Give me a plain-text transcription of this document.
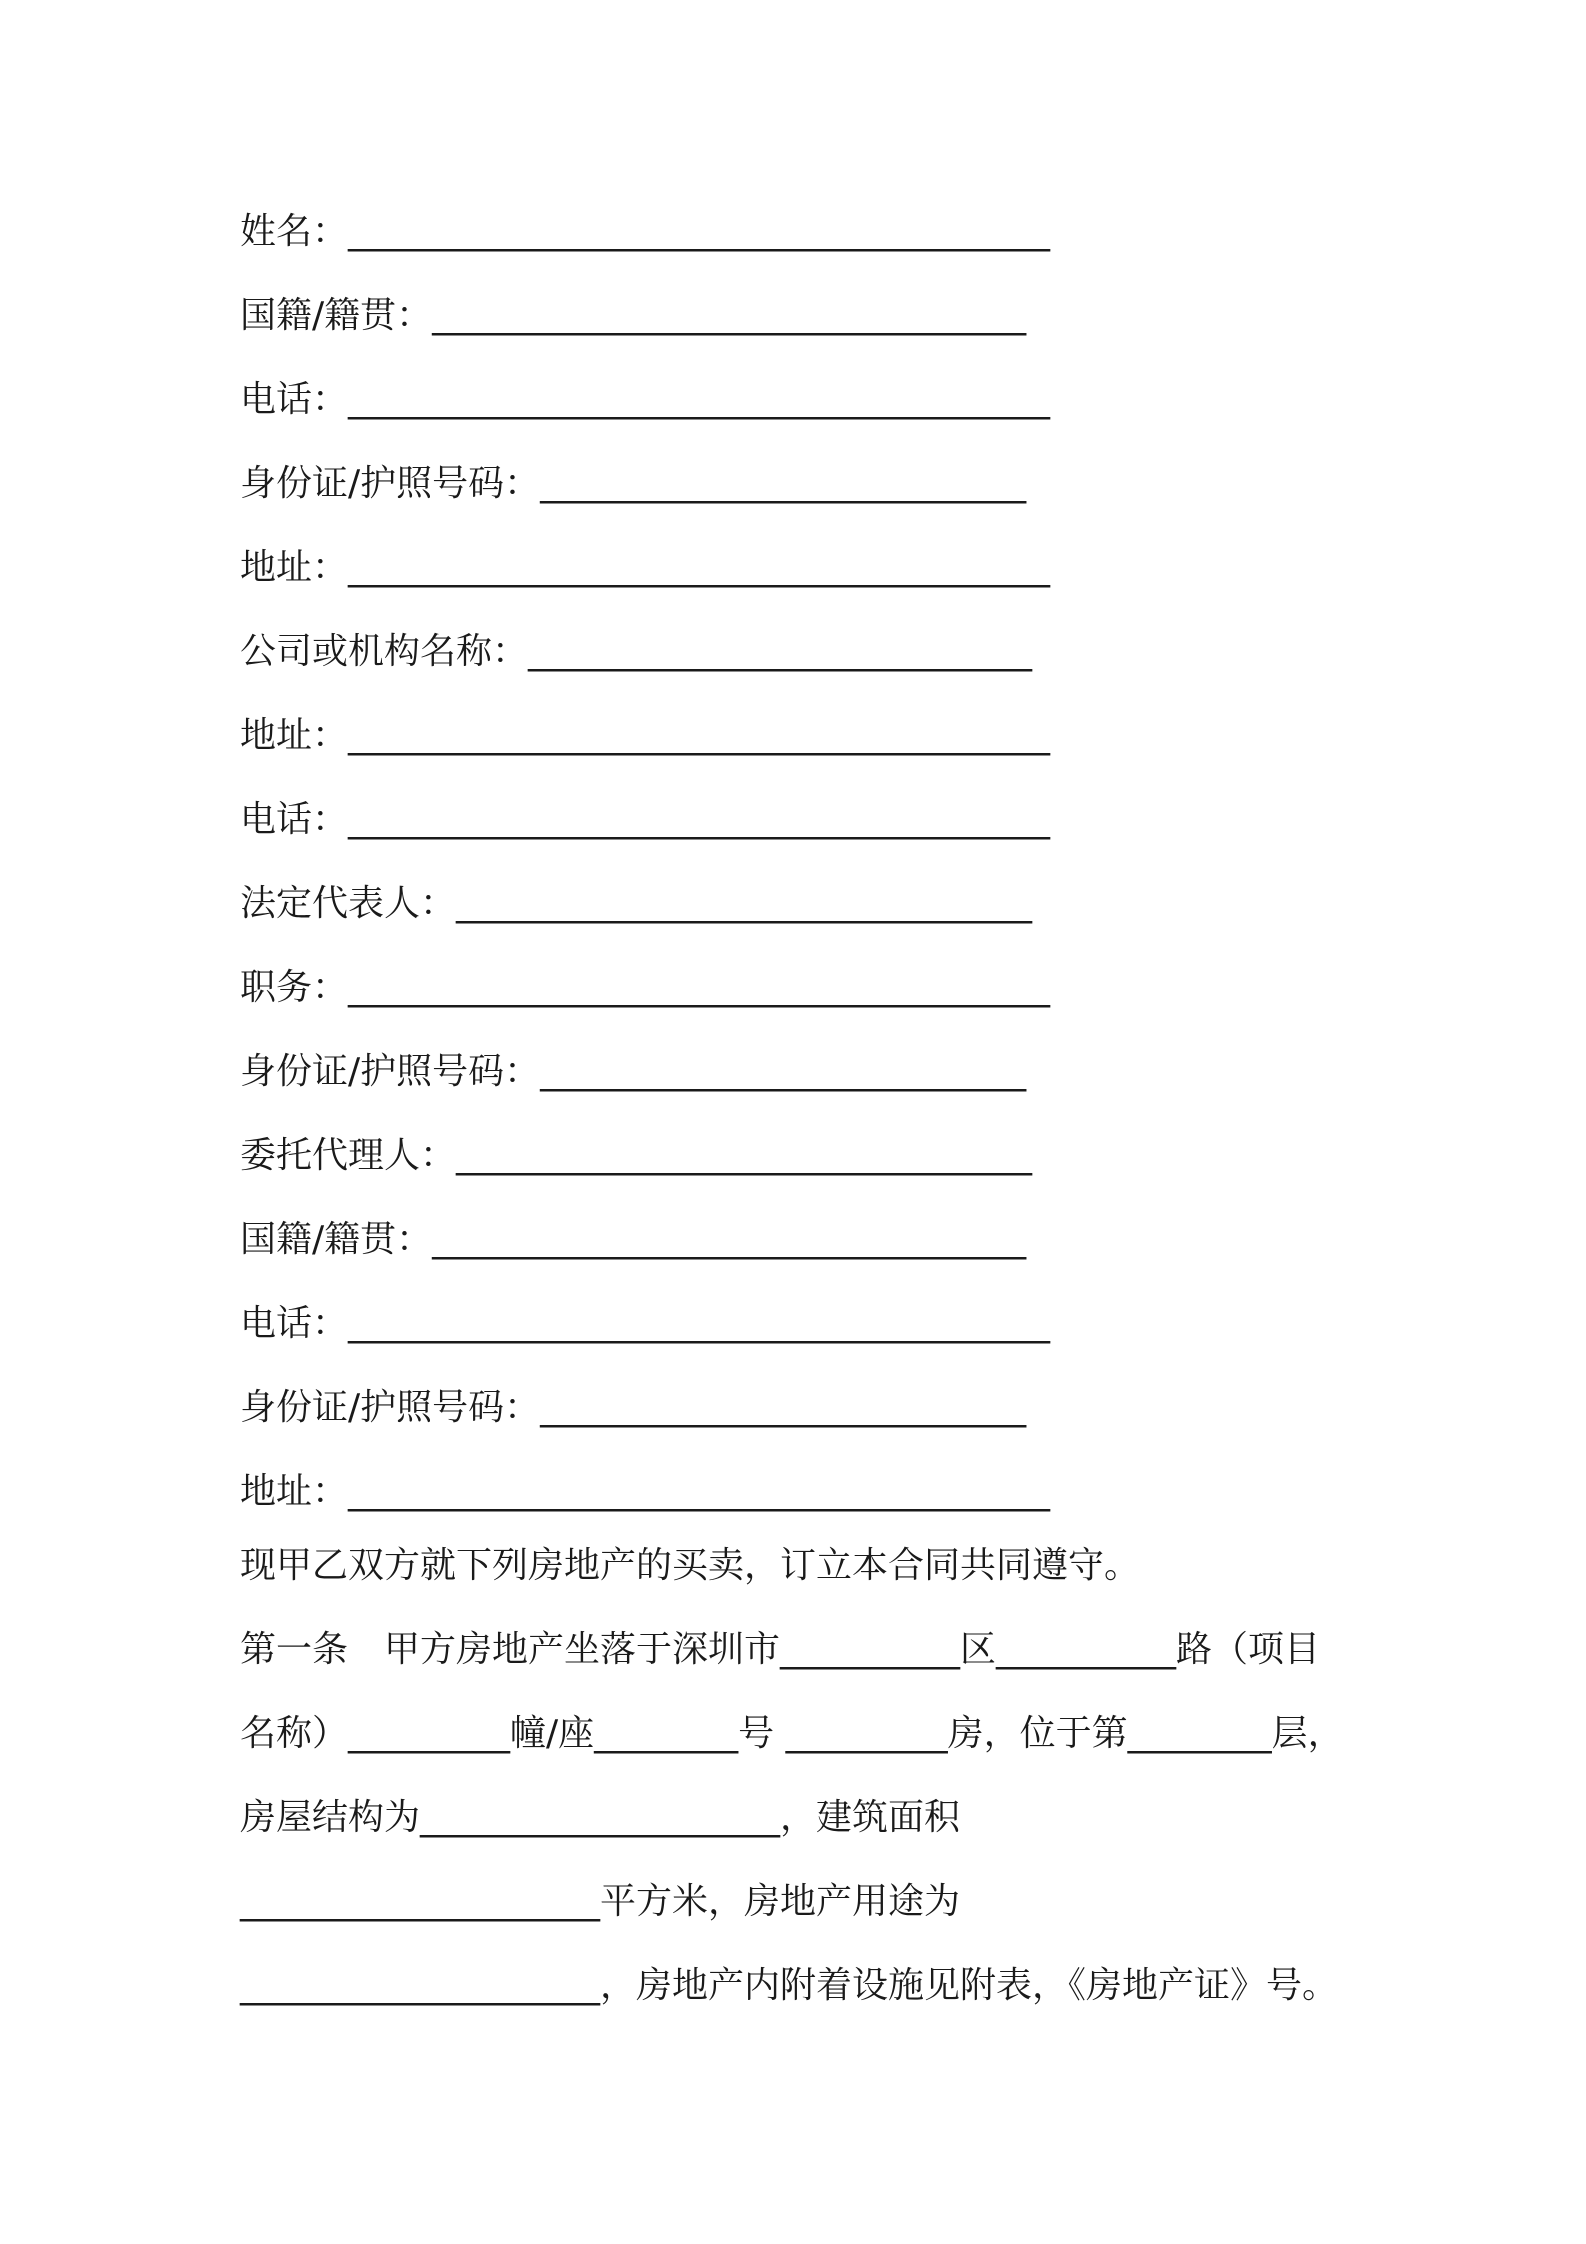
姓名：_______________________________________
国籍/籍贯：_________________________________
电话：_______________________________________
身份证/护照号码：___________________________
地址：_______________________________________
公司或机构名称：____________________________
地址：_______________________________________
电话：_______________________________________
法定代表人：________________________________
职务：_______________________________________
身份证/护照号码：___________________________
委托代理人：________________________________
国籍/籍贯：_________________________________
电话：_______________________________________
身份证/护照号码：___________________________
地址：_______________________________________
现甲乙双方就下列房地产的买卖，订立本合同共同遵守。
第一条　甲方房地产坐落于深圳市__________区__________路（项目
名称）_________幢/座________号 _________房，位于第________层，
房屋结构为____________________，建筑面积
____________________平方米，房地产用途为
____________________，房地产内附着设施见附表，《房地产证》号。
